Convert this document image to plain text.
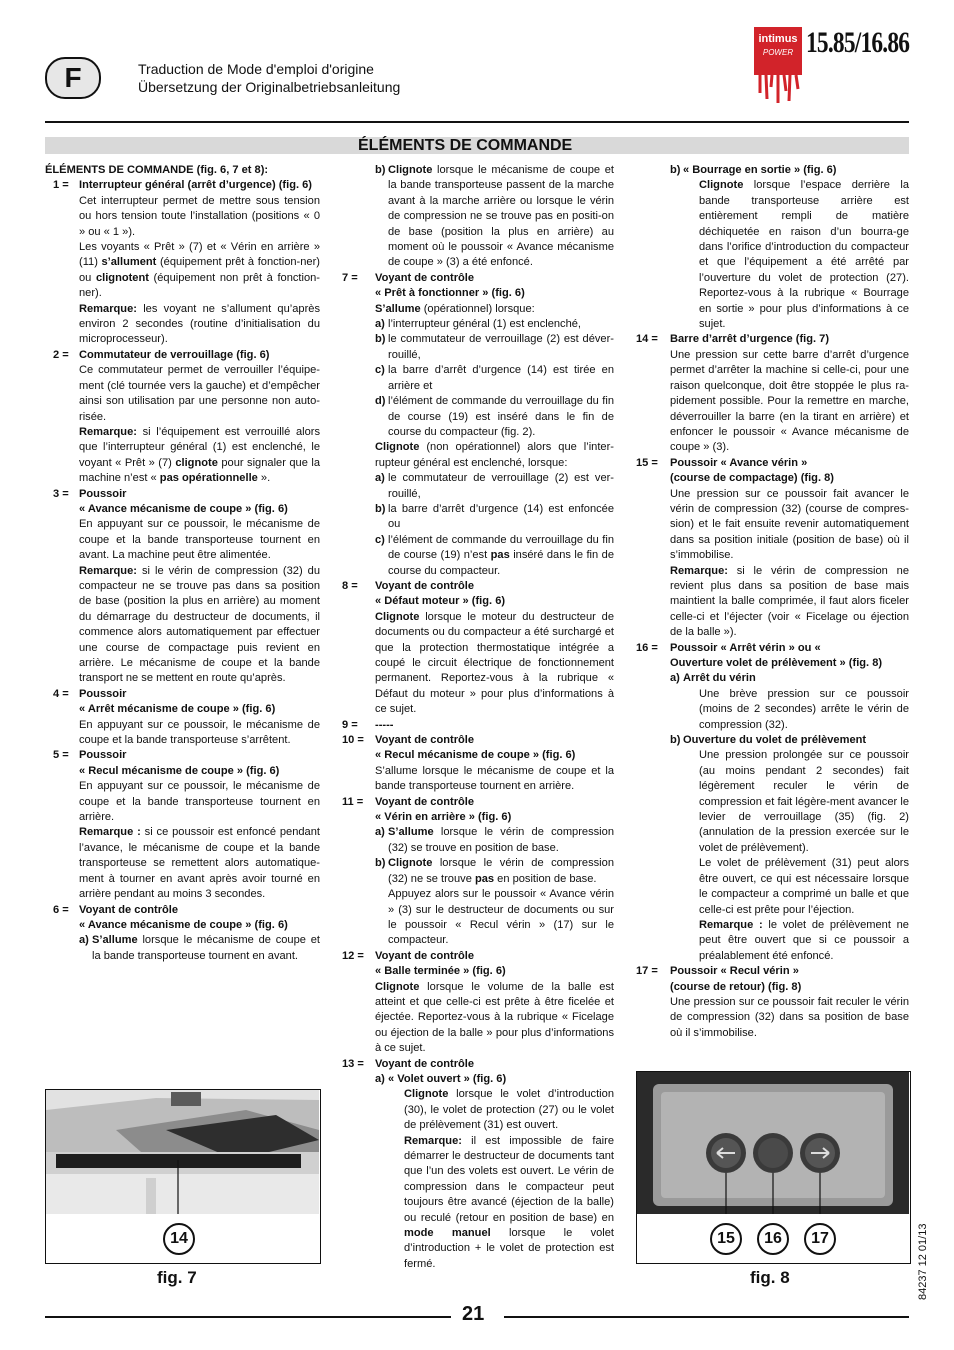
F	Traduction de Mode d'emploi d'origine
Übersetzung der Originalbetriebsanleitung
intimus
POWER 15.85/16.86
ÉLÉMENTS DE COMMANDE
ÉLÉMENTS DE COMMANDE (fig. 6, 7 et 8):
1 = Interrupteur général (arrêt d’urgence) (fig. 6)
Cet interrupteur permet de mettre sous tension ou hors tension toute l’installation (positions « 0 » ou « 1 »).
Les voyants « Prêt » (7) et « Vérin en arrière » (11) s’allument (équipement prêt à fonction-ner) ou clignotent (équipement non prêt à fonction-ner).
Remarque: les voyant ne s’allument qu’après environ 2 secondes (routine d’initialisation du microprocesseur).
2 = Commutateur de verrouillage (fig. 6)
Ce commutateur permet de verrouiller l’équipe-ment (clé tournée vers la gauche) et d’empêcher ainsi son utilisation par une personne non auto-risée.
Remarque: si l’équipement est verrouillé alors que l’interrupteur général (1) est enclenché, le voyant « Prêt » (7) clignote pour signaler que la machine n’est « pas opérationnelle ».
3 = Poussoir
« Avance mécanisme de coupe » (fig. 6)
En appuyant sur ce poussoir, le mécanisme de coupe et la bande transporteuse tournent en avant. La machine peut être alimentée.
Remarque: si le vérin de compression (32) du compacteur ne se trouve pas dans sa position de base (position la plus en arrière) au moment du démarrage du destructeur de documents, il commence alors automatiquement par effectuer une course de compactage puis revient en arrière. Le mécanisme de coupe et la bande transport ne se mettent en route qu’après.
4 = Poussoir
« Arrêt mécanisme de coupe » (fig. 6)
En appuyant sur ce poussoir, le mécanisme de coupe et la bande transporteuse s’arrêtent.
5 = Poussoir
« Recul mécanisme de coupe » (fig. 6)
En appuyant sur ce poussoir, le mécanisme de coupe et la bande transporteuse tournent en arrière.
Remarque : si ce poussoir est enfoncé pendant l’avance, le mécanisme de coupe et la bande transporteuse se remettent alors automatique-ment à tourner en avant après avoir tourné en arrière pendant au moins 3 secondes.
6 = Voyant de contrôle
« Avance mécanisme de coupe » (fig. 6)
a) S’allume lorsque le mécanisme de coupe et la bande transporteuse tournent en avant.
b) Clignote lorsque le mécanisme de coupe et la bande transporteuse passent de la marche avant à la marche arrière ou lorsque le vérin de compression ne se trouve pas en positi-on de base (position la plus en arrière) au moment où le poussoir « Avance mécanisme de coupe » (3) a été enfoncé.
7 = Voyant de contrôle
« Prêt à fonctionner » (fig. 6)
S’allume (opérationnel) lorsque:
a) l’interrupteur général (1) est enclenché,
b) le commutateur de verrouillage (2) est déver-rouillé,
c) la barre d’arrêt d’urgence (14) est tirée en arrière et
d) l’élément de commande du verrouillage du fin de course (19) est inséré dans le fin de course du compacteur (fig. 2).
Clignote (non opérationnel) alors que l’inter-rupteur général est enclenché, lorsque:
a) le commutateur de verrouillage (2) est ver-rouillé,
b) la barre d’arrêt d’urgence (14) est enfoncée ou
c) l’élément de commande du verrouillage du fin de course (19) n’est pas inséré dans le fin de course du compacteur.
8 = Voyant de contrôle
« Défaut moteur » (fig. 6)
Clignote lorsque le moteur du destructeur de documents ou du compacteur a été surchargé et que la protection thermostatique intégrée a coupé le circuit électrique de fonctionnement permanent. Reportez-vous à la rubrique « Défaut du moteur » pour plus d’informations à ce sujet.
9 = -----
10 = Voyant de contrôle
« Recul mécanisme de coupe » (fig. 6)
S’allume lorsque le mécanisme de coupe et la bande transporteuse tournent en arrière.
11 = Voyant de contrôle
« Vérin en arrière » (fig. 6)
a) S’allume lorsque le vérin de compression (32) se trouve en position de base.
b) Clignote lorsque le vérin de compression (32) ne se trouve pas en position de base.
Appuyez alors sur le poussoir « Avance vérin » (3) sur le destructeur de documents ou sur le poussoir « Recul vérin » (17) sur le compacteur.
12 = Voyant de contrôle
« Balle terminée » (fig. 6)
Clignote lorsque le volume de la balle est atteint et que celle-ci est prête à être ficelée et éjectée. Reportez-vous à la rubrique « Ficelage ou éjection de la balle » pour plus d’informations à ce sujet.
13 = Voyant de contrôle
a) « Volet ouvert » (fig. 6)
Clignote lorsque le volet d’introduction (30), le volet de protection (27) ou le volet de prélèvement (31) est ouvert.
Remarque: il est impossible de faire démarrer le destructeur de documents tant que l’un des volets est ouvert. Le vérin de compression dans le compacteur peut toujours être avancé (éjection de la balle) ou reculé (retour en position de base) en mode manuel lorsque le volet d’introduction + le volet de protection est fermé.
b) « Bourrage en sortie » (fig. 6)
Clignote lorsque l’espace derrière la bande transporteuse arrière est entièrement rempli de matière déchiquetée en raison d’un bourra-ge dans l’orifice d’introduction du compacteur et que l’équipement a été arrêté par l’ouverture du volet de protection (27). Reportez-vous à la rubrique « Bourrage en sortie » pour plus d’informations à ce sujet.
14 = Barre d’arrêt d’urgence (fig. 7)
Une pression sur cette barre d’arrêt d’urgence permet d’arrêter la machine si celle-ci, pour une raison quelconque, doit être stoppée le plus ra-pidement possible. Pour la remettre en marche, déverrouiller la barre (en la tirant en arrière) et enfoncer le poussoir « Avance mécanisme de coupe » (3).
15 = Poussoir « Avance vérin »
(course de compactage) (fig. 8)
Une pression sur ce poussoir fait avancer le vérin de compression (32) (course de compres-sion) et le fait ensuite revenir automatiquement dans sa position initiale (position de base) où il s’immobilise.
Remarque: si le vérin de compression ne revient plus dans sa position de base mais maintient la balle comprimée, il faut alors ficeler celle-ci et l’éjecter (voir « Ficelage ou éjection de la balle »).
16 = Poussoir « Arrêt vérin » ou «
Ouverture volet de prélèvement » (fig. 8)
a) Arrêt du vérin
Une brève pression sur ce poussoir (moins de 2 secondes) arrête le vérin de compression (32).
b) Ouverture du volet de prélèvement
Une pression prolongée sur ce poussoir (au moins pendant 2 secondes) fait légèrement reculer le vérin de compression et fait légère-ment avancer le levier de verrouillage (35) (fig. 2) (annulation de la pression exercée sur le volet de prélèvement).
Le volet de prélèvement (31) peut alors être ouvert, ce qui est nécessaire lorsque le compacteur a comprimé un balle et que celle-ci est prête pour l’éjection.
Remarque : le volet de prélèvement ne peut être ouvert que si ce poussoir a préalablement été enfoncé.
17 = Poussoir « Recul vérin »
(course de retour) (fig. 8)
Une pression sur ce poussoir fait reculer le vérin de compression (32) dans sa position de base où il s’immobilise.
14
fig. 7
15	16	17
fig. 8	84237 12 01/13
21
